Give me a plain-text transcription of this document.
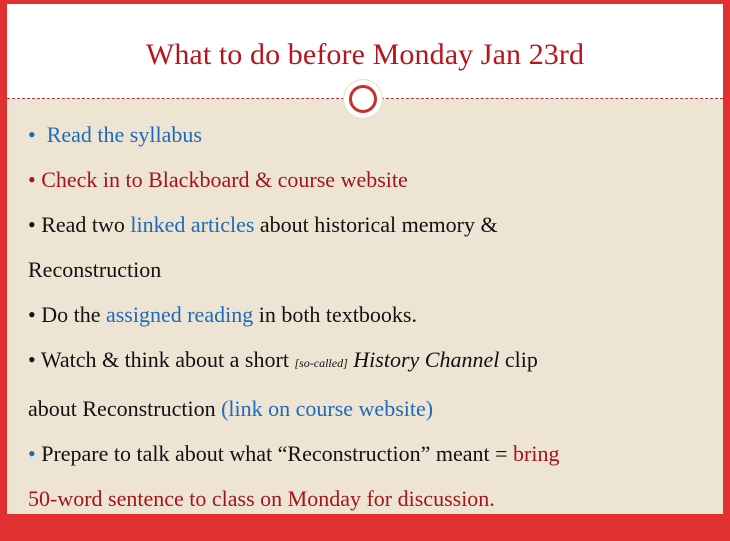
What to do before Monday Jan 23rd
• Read the syllabus
• Check in to Blackboard & course website
• Read two linked articles about historical memory &
Reconstruction
• Do the assigned reading in both textbooks.
• Watch & think about a short [so-called] History Channel clip
about Reconstruction (link on course website)
• Prepare to talk about what “Reconstruction” meant = bring
50-word sentence to class on Monday for discussion.
